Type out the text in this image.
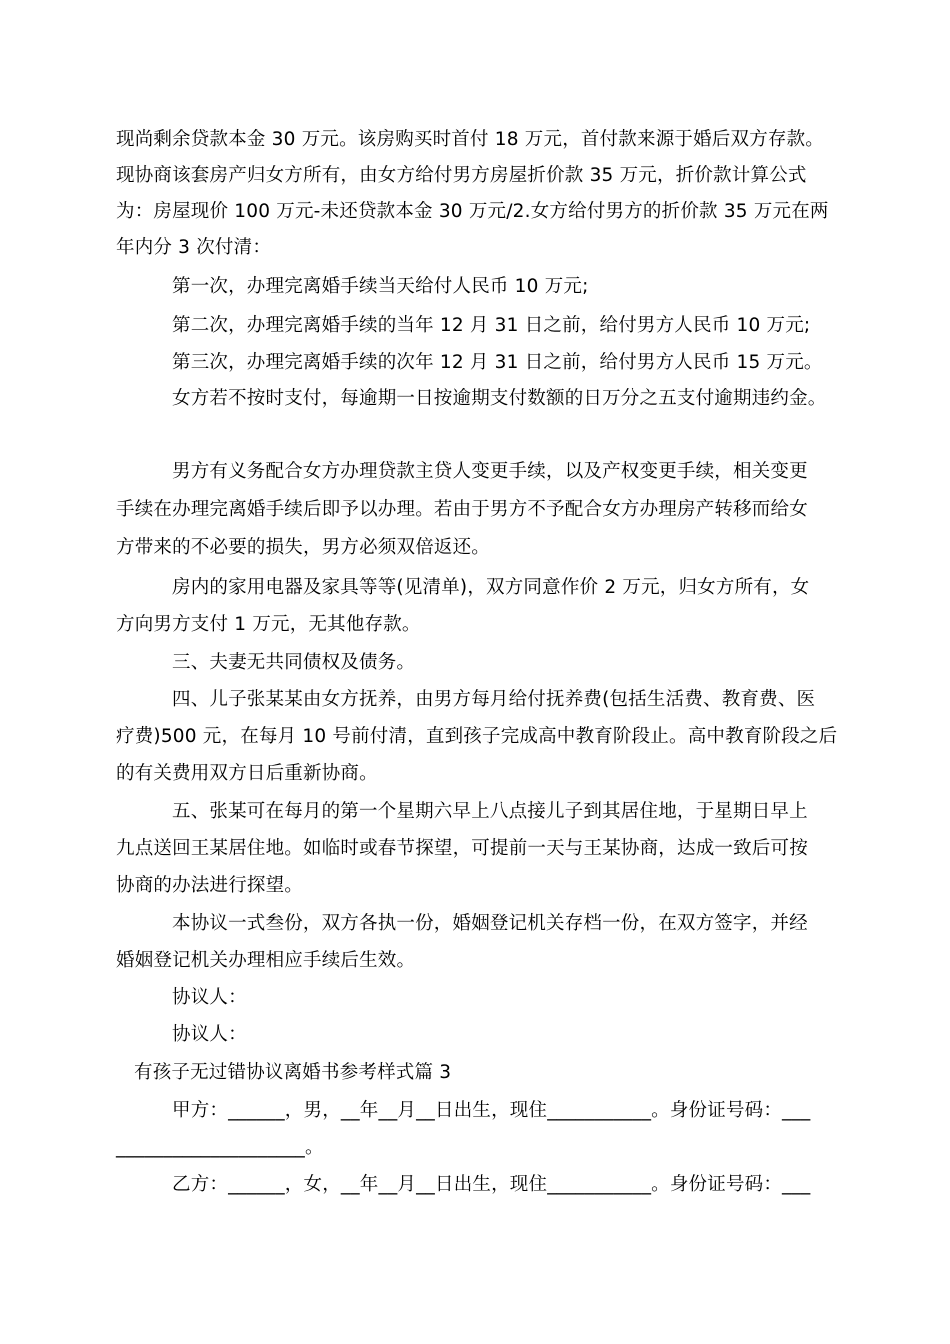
现尚剩余贷款本金 30 万元。该房购买时首付 18 万元，首付款来源于婚后双方存款。
现协商该套房产归女方所有，由女方给付男方房屋折价款 35 万元，折价款计算公式
为：房屋现价 100 万元-未还贷款本金 30 万元/2.女方给付男方的折价款 35 万元在两
年内分 3 次付清：
第一次，办理完离婚手续当天给付人民币 10 万元;
第二次，办理完离婚手续的当年 12 月 31 日之前，给付男方人民币 10 万元;
第三次，办理完离婚手续的次年 12 月 31 日之前，给付男方人民币 15 万元。
女方若不按时支付，每逾期一日按逾期支付数额的日万分之五支付逾期违约金。
男方有义务配合女方办理贷款主贷人变更手续，以及产权变更手续，相关变更
手续在办理完离婚手续后即予以办理。若由于男方不予配合女方办理房产转移而给女
方带来的不必要的损失，男方必须双倍返还。
房内的家用电器及家具等等(见清单)，双方同意作价 2 万元，归女方所有，女
方向男方支付 1 万元，无其他存款。
三、夫妻无共同债权及债务。
四、儿子张某某由女方抚养，由男方每月给付抚养费(包括生活费、教育费、医
疗费)500 元，在每月 10 号前付清，直到孩子完成高中教育阶段止。高中教育阶段之后
的有关费用双方日后重新协商。
五、张某可在每月的第一个星期六早上八点接儿子到其居住地，于星期日早上
九点送回王某居住地。如临时或春节探望，可提前一天与王某协商，达成一致后可按
协商的办法进行探望。
本协议一式叁份，双方各执一份，婚姻登记机关存档一份，在双方签字，并经
婚姻登记机关办理相应手续后生效。
协议人：
协议人：
有孩子无过错协议离婚书参考样式篇 3
甲方：______，男，__年__月__日出生，现住___________。身份证号码：___
____________________。
乙方：______，女，__年__月__日出生，现住___________。身份证号码：___
